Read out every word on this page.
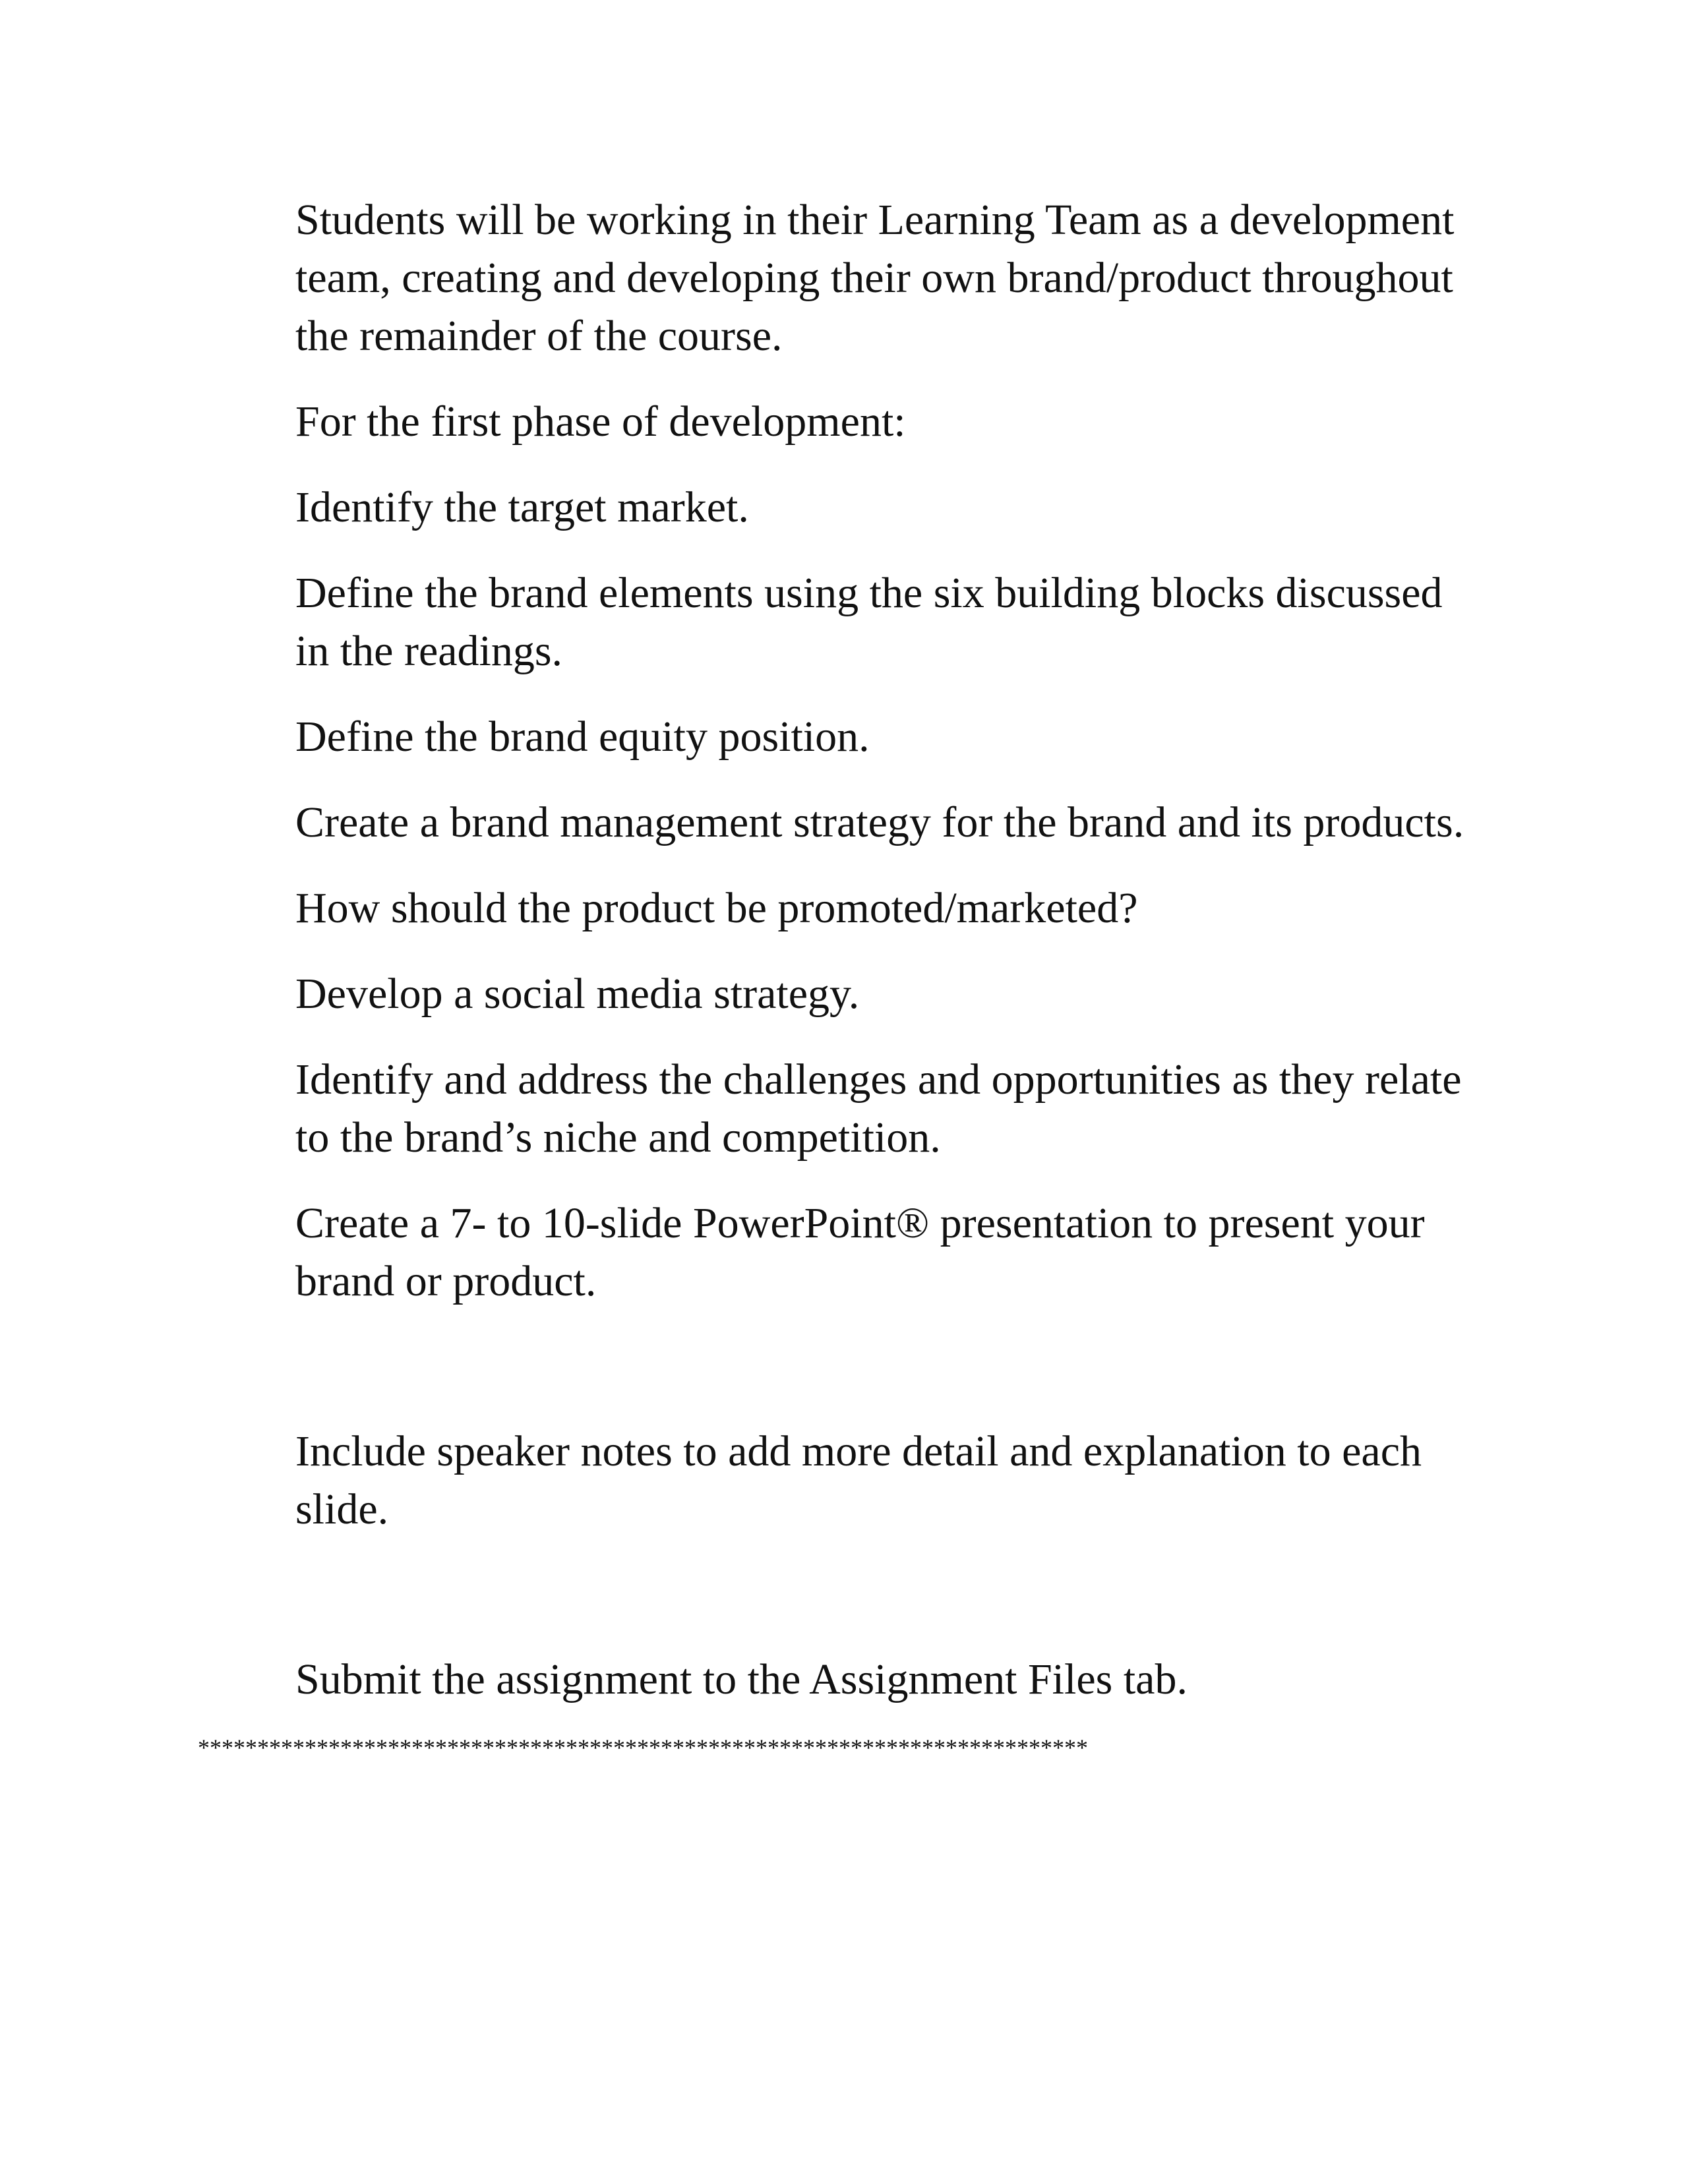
Students will be working in their Learning Team as a development team, creating and developing their own brand/product throughout the remainder of the course.

For the first phase of development:

Identify the target market.

Define the brand elements using the six building blocks discussed in the readings.

Define the brand equity position.

Create a brand management strategy for the brand and its products.

How should the product be promoted/marketed?

Develop a social media strategy.

Identify and address the challenges and opportunities as they relate to the brand’s niche and competition.

Create a 7- to 10-slide PowerPoint® presentation to present your brand or product.

Include speaker notes to add more detail and explanation to each slide.

Submit the assignment to the Assignment Files tab.

***************************************************************************
